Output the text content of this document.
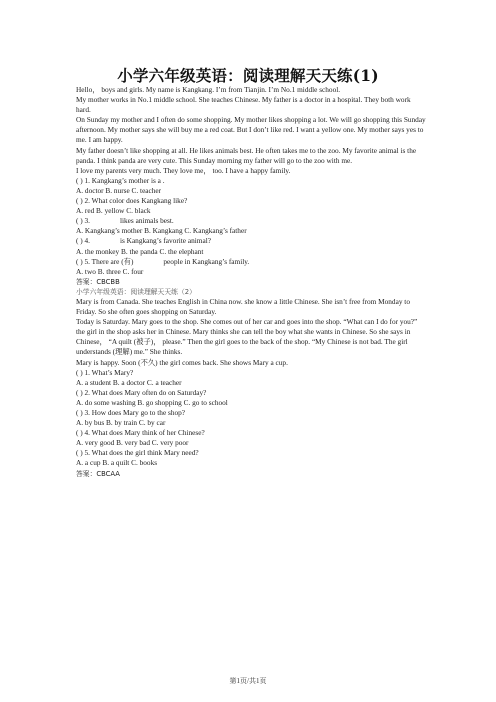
小学六年级英语：阅读理解天天练(1)

Hello， boys and girls. My name is Kangkang. I’m from Tianjin. I’m No.1 middle school.

My mother works in No.1 middle school. She teaches Chinese. My father is a doctor in a hospital. They both work hard.

On Sunday my mother and I often do some shopping. My mother likes shopping a lot. We will go shopping this Sunday afternoon. My mother says she will buy me a red coat. But I don’t like red. I want a yellow one. My mother says yes to me. I am happy.

My father doesn’t like shopping at all. He likes animals best. He often takes me to the zoo. My favorite animal is the panda. I think panda are very cute. This Sunday morning my father will go to the zoo with me.

I love my parents very much. They love me， too. I have a happy family.

( ) 1. Kangkang’s mother is a .

A. doctor B. nurse C. teacher

( ) 2. What color does Kangkang like?

A. red B. yellow C. black

( ) 3.	likes animals best.

A. Kangkang’s mother B. Kangkang C. Kangkang’s father

( ) 4.	is Kangkang’s favorite animal?

A. the monkey B. the panda C. the elephant

( ) 5. There are (有)	people in Kangkang’s family.

A. two B. three C. four

答案：CBCBB

小学六年级英语：阅读理解天天练（2）

Mary is from Canada. She teaches English in China now. she know a little Chinese. She isn’t free from Monday to Friday. So she often goes shopping on Saturday.

Today is Saturday. Mary goes to the shop. She comes out of her car and goes into the shop. “What can I do for you?” the girl in the shop asks her in Chinese. Mary thinks she can tell the boy what she wants in Chinese. So she says in Chinese， “A quilt (被子)， please.” Then the girl goes to the back of the shop. “My Chinese is not bad. The girl understands (理解) me.” She thinks.

Mary is happy. Soon (不久) the girl comes back. She shows Mary a cup.

( ) 1. What’s Mary?

A. a student B. a doctor C. a teacher

( ) 2. What does Mary often do on Saturday?

A. do some washing B. go shopping C. go to school

( ) 3. How does Mary go to the shop?

A. by bus B. by train C. by car

( ) 4. What does Mary think of her Chinese?

A. very good B. very bad C. very poor

( ) 5. What does the girl think Mary need?

A. a cup B. a quilt C. books

答案：CBCAA

第1页/共1页
